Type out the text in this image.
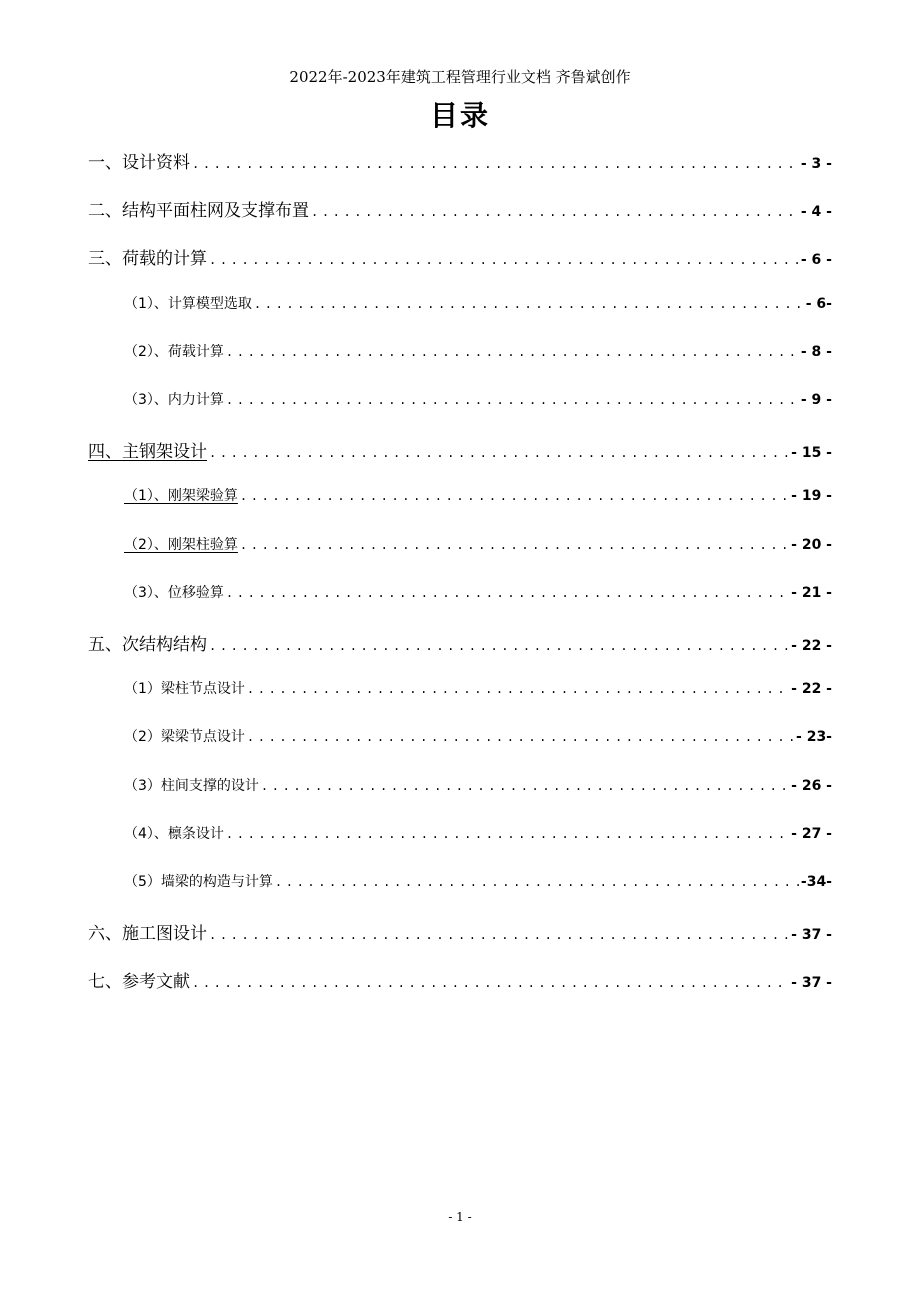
2022年-2023年建筑工程管理行业文档 齐鲁斌创作
目录
一、设计资料 .....	- 3 -
二、结构平面柱网及支撑布置 .....	- 4 -
三、荷载的计算 .....	- 6 -
（1）、计算模型选取 .....	- 6-
（2）、荷载计算 .....	- 8 -
（3）、内力计算 .....	- 9 -
四、主钢架设计 .....	- 15 -
（1）、刚架梁验算 .....	- 19 -
（2）、刚架柱验算 .....	- 20 -
（3）、位移验算 .....	- 21 -
五、次结构结构 .....	- 22 -
（1）梁柱节点设计 .....	- 22 -
（2）梁梁节点设计 .....	- 23-
（3）柱间支撑的设计 .....	- 26 -
（4）、檩条设计 .....	- 27 -
（5）墙梁的构造与计算 .....	-34-
六、施工图设计 .....	- 37 -
七、参考文献 .....	- 37 -
- 1 -
